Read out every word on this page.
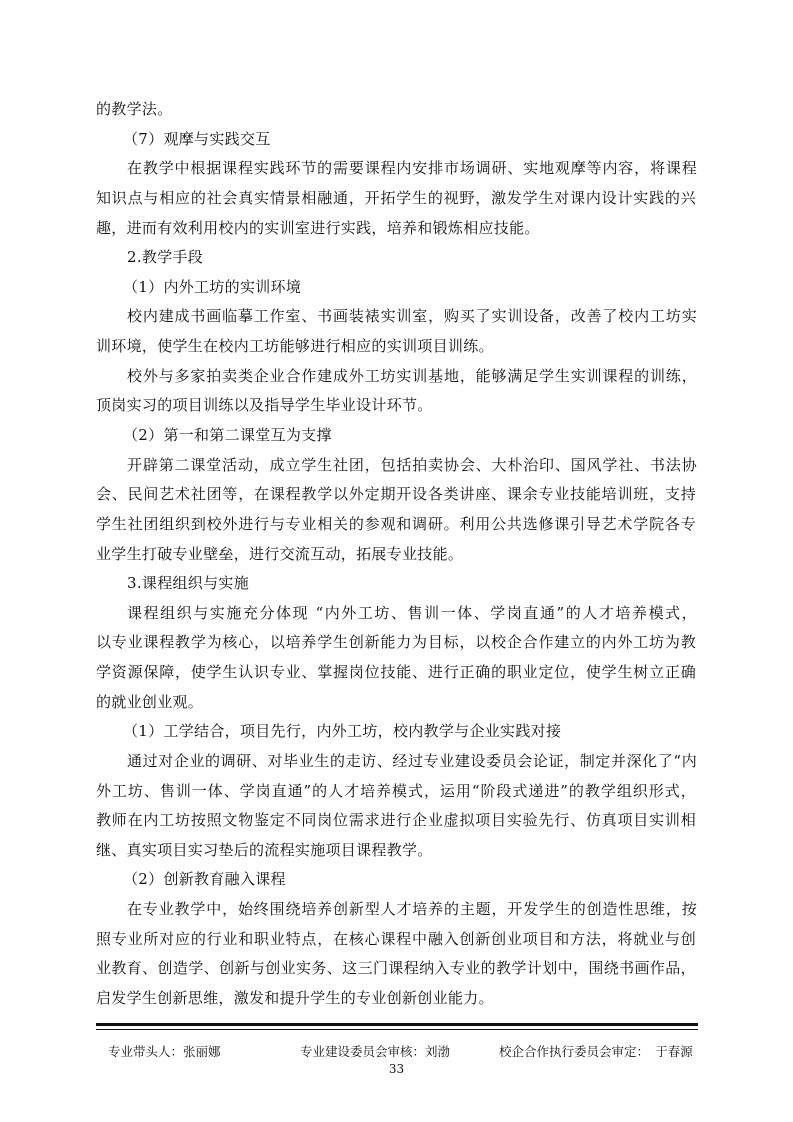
的教学法。
（7）观摩与实践交互
在教学中根据课程实践环节的需要课程内安排市场调研、实地观摩等内容，将课程
知识点与相应的社会真实情景相融通，开拓学生的视野，激发学生对课内设计实践的兴
趣，进而有效利用校内的实训室进行实践，培养和锻炼相应技能。
2.教学手段
（1）内外工坊的实训环境
校内建成书画临摹工作室、书画装裱实训室，购买了实训设备，改善了校内工坊实
训环境，使学生在校内工坊能够进行相应的实训项目训练。
校外与多家拍卖类企业合作建成外工坊实训基地，能够满足学生实训课程的训练，
顶岗实习的项目训练以及指导学生毕业设计环节。
（2）第一和第二课堂互为支撑
开辟第二课堂活动，成立学生社团，包括拍卖协会、大朴治印、国风学社、书法协
会、民间艺术社团等，在课程教学以外定期开设各类讲座、课余专业技能培训班，支持
学生社团组织到校外进行与专业相关的参观和调研。利用公共选修课引导艺术学院各专
业学生打破专业壁垒，进行交流互动，拓展专业技能。
3.课程组织与实施
课程组织与实施充分体现 “内外工坊、售训一体、学岗直通”的人才培养模式，
以专业课程教学为核心，以培养学生创新能力为目标，以校企合作建立的内外工坊为教
学资源保障，使学生认识专业、掌握岗位技能、进行正确的职业定位，使学生树立正确
的就业创业观。
（1）工学结合，项目先行，内外工坊，校内教学与企业实践对接
通过对企业的调研、对毕业生的走访、经过专业建设委员会论证，制定并深化了“内
外工坊、售训一体、学岗直通”的人才培养模式，运用“阶段式递进”的教学组织形式，
教师在内工坊按照文物鉴定不同岗位需求进行企业虚拟项目实验先行、仿真项目实训相
继、真实项目实习垫后的流程实施项目课程教学。
（2）创新教育融入课程
在专业教学中，始终围绕培养创新型人才培养的主题，开发学生的创造性思维，按
照专业所对应的行业和职业特点，在核心课程中融入创新创业项目和方法，将就业与创
业教育、创造学、创新与创业实务、这三门课程纳入专业的教学计划中，围绕书画作品，
启发学生创新思维，激发和提升学生的专业创新创业能力。
专业带头人：张丽娜	专业建设委员会审核：刘渤	校企合作执行委员会审定：　于春源
33
